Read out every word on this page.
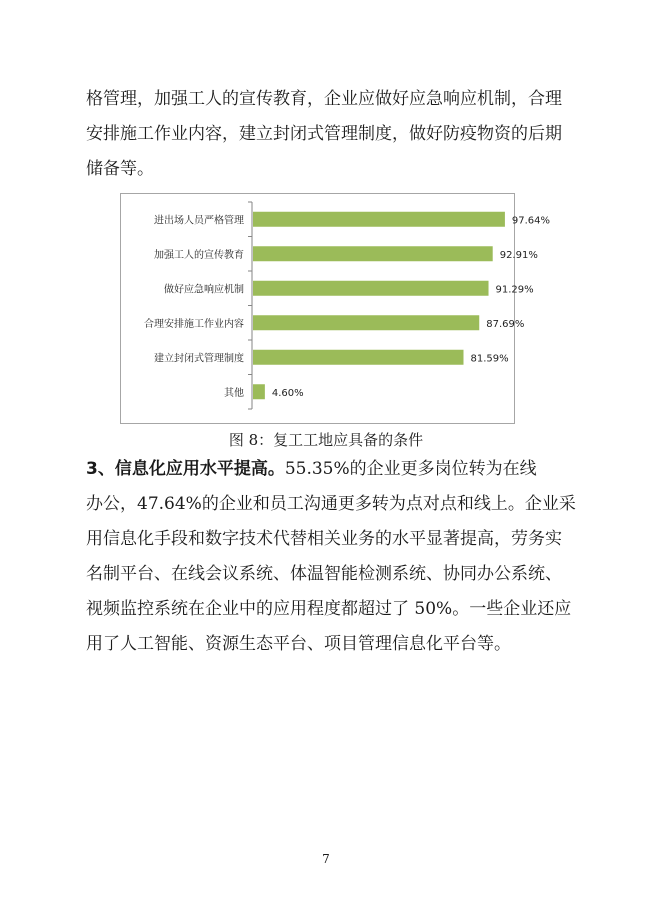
格管理，加强工人的宣传教育，企业应做好应急响应机制，合理
安排施工作业内容，建立封闭式管理制度，做好防疫物资的后期
储备等。
进出场人员严格管理	97.64%
加强工人的宣传教育	92.91%
做好应急响应机制	91.29%
合理安排施工作业内容	87.69%
建立封闭式管理制度	81.59%
其他	4.60%
图 8：复工工地应具备的条件
3、信息化应用水平提高。55.35%的企业更多岗位转为在线
办公，47.64%的企业和员工沟通更多转为点对点和线上。企业采
用信息化手段和数字技术代替相关业务的水平显著提高，劳务实
名制平台、在线会议系统、体温智能检测系统、协同办公系统、
视频监控系统在企业中的应用程度都超过了 50%。一些企业还应
用了人工智能、资源生态平台、项目管理信息化平台等。
7
